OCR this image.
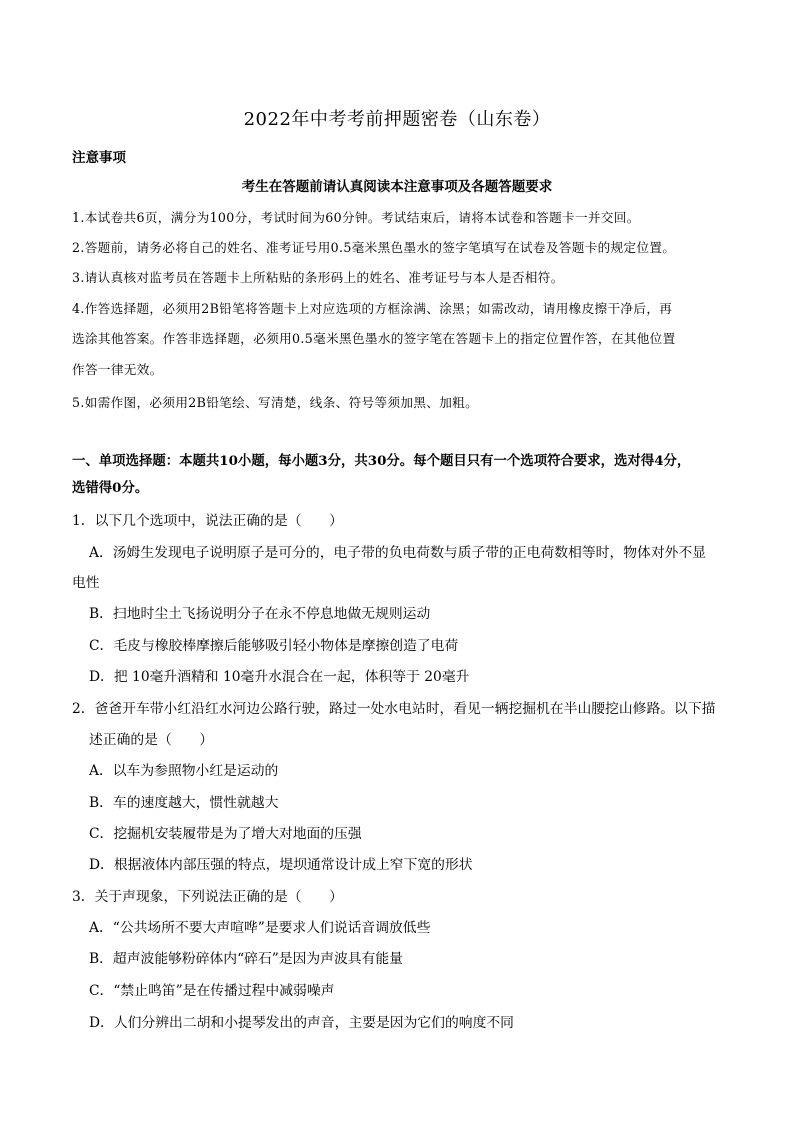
2022年中考考前押题密卷（山东卷）
注意事项
考生在答题前请认真阅读本注意事项及各题答题要求
1.本试卷共6页，满分为100分，考试时间为60分钟。考试结束后，请将本试卷和答题卡一并交回。
2.答题前，请务必将自己的姓名、准考证号用0.5毫米黑色墨水的签字笔填写在试卷及答题卡的规定位置。
3.请认真核对监考员在答题卡上所粘贴的条形码上的姓名、准考证号与本人是否相符。
4.作答选择题，必须用2B铅笔将答题卡上对应选项的方框涂满、涂黑；如需改动，请用橡皮擦干净后，再
选涂其他答案。作答非选择题，必须用0.5毫米黑色墨水的签字笔在答题卡上的指定位置作答，在其他位置
作答一律无效。
5.如需作图，必须用2B铅笔绘、写清楚，线条、符号等须加黑、加粗。
一、单项选择题：本题共10小题，每小题3分，共30分。每个题目只有一个选项符合要求，选对得4分，
选错得0分。
1．以下几个选项中，说法正确的是（　　）
A．汤姆生发现电子说明原子是可分的，电子带的负电荷数与质子带的正电荷数相等时，物体对外不显
电性
B．扫地时尘土飞扬说明分子在永不停息地做无规则运动
C．毛皮与橡胶棒摩擦后能够吸引轻小物体是摩擦创造了电荷
D．把 10毫升酒精和 10毫升水混合在一起，体积等于 20毫升
2．爸爸开车带小红沿红水河边公路行驶，路过一处水电站时，看见一辆挖掘机在半山腰挖山修路。以下描
述正确的是（　　）
A．以车为参照物小红是运动的
B．车的速度越大，惯性就越大
C．挖掘机安装履带是为了增大对地面的压强
D．根据液体内部压强的特点，堤坝通常设计成上窄下宽的形状
3．关于声现象，下列说法正确的是（　　）
A．“公共场所不要大声喧哗”是要求人们说话音调放低些
B．超声波能够粉碎体内“碎石”是因为声波具有能量
C．“禁止鸣笛”是在传播过程中减弱噪声
D．人们分辨出二胡和小提琴发出的声音，主要是因为它们的响度不同
